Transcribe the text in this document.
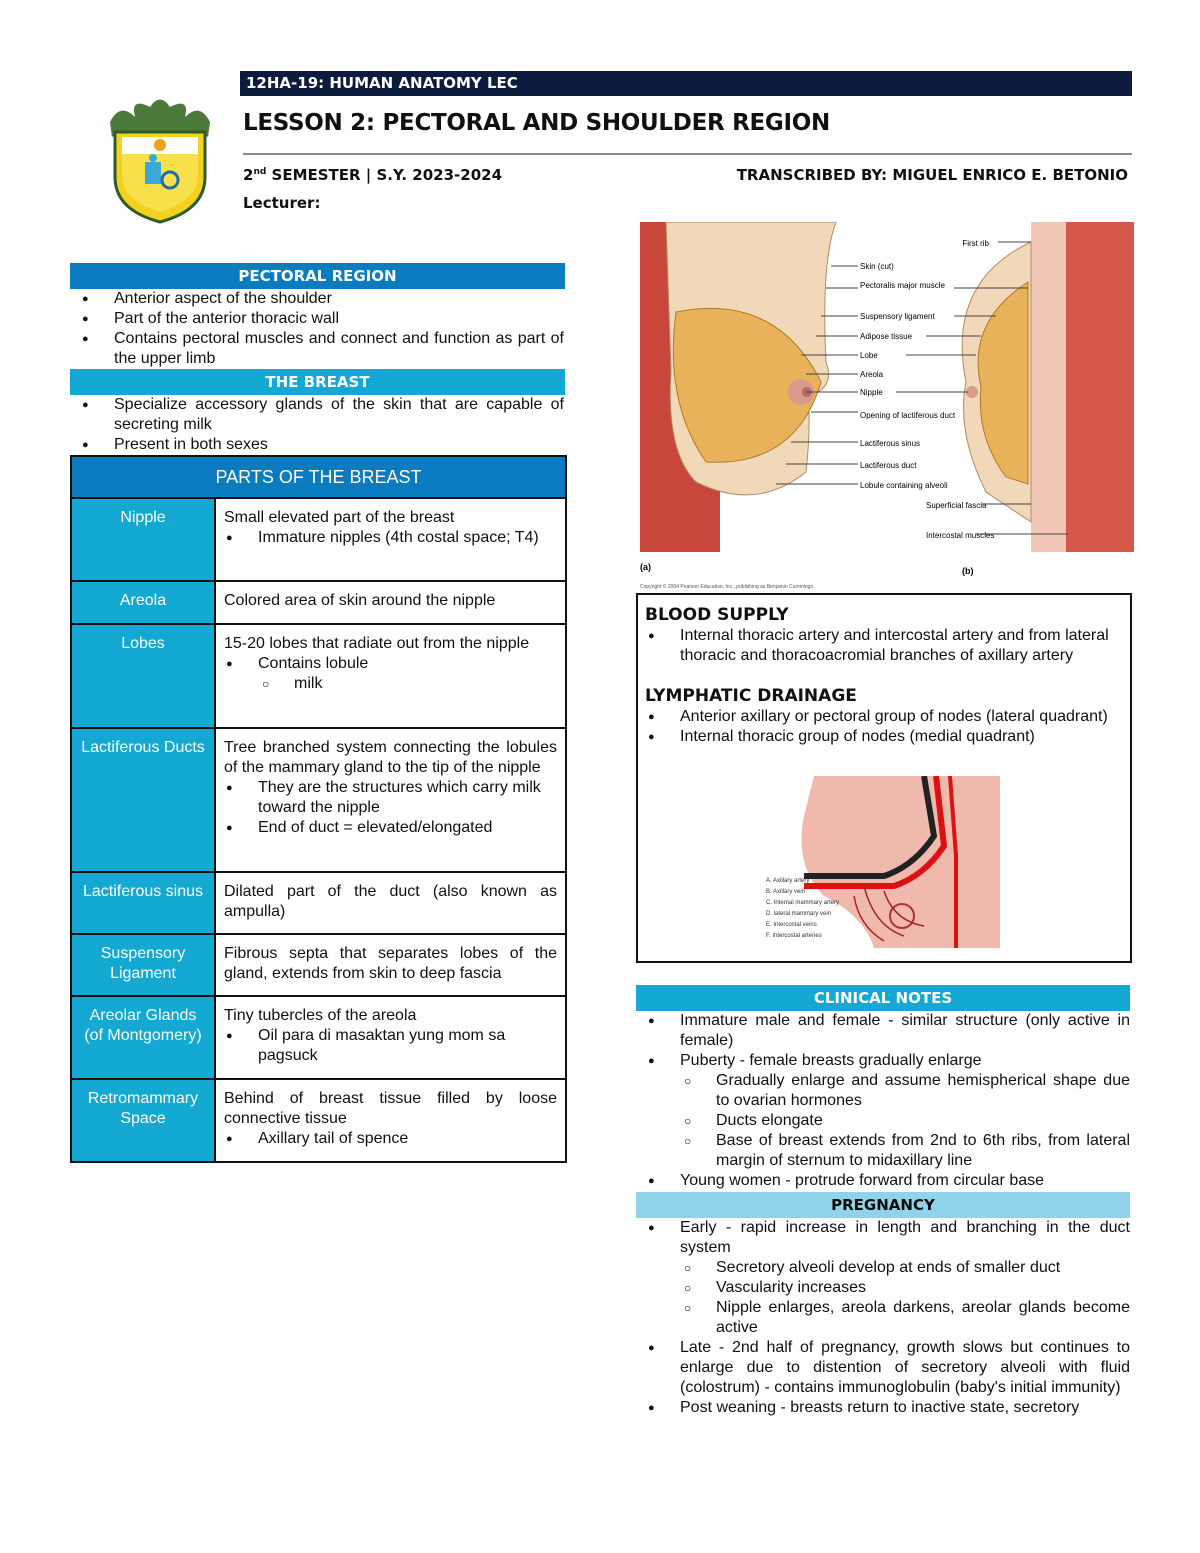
12HA-19: HUMAN ANATOMY LEC
LESSON 2: PECTORAL AND SHOULDER REGION
2nd SEMESTER | S.Y. 2023-2024	TRANSCRIBED BY: MIGUEL ENRICO E. BETONIO
Lecturer:
PECTORAL REGION
● Anterior aspect of the shoulder
● Part of the anterior thoracic wall
● Contains pectoral muscles and connect and function as part of the upper limb
THE BREAST
● Specialize accessory glands of the skin that are capable of secreting milk
● Present in both sexes
PARTS OF THE BREAST	
Nipple	Small elevated part of the breast
● Immature nipples (4th costal space; T4)

Areola	Colored area of skin around the nipple
Lobes	15-20 lobes that radiate out from the nipple
● Contains lobule
○ milk

Lactiferous Ducts	Tree branched system connecting the lobules of the mammary gland to the tip of the nipple
● They are the structures which carry milk toward the nipple
● End of duct = elevated/elongated

Lactiferous sinus	Dilated part of the duct (also known as ampulla)
Suspensory Ligament	Fibrous septa that separates lobes of the gland, extends from skin to deep fascia
Areolar Glands (of Montgomery)	Tiny tubercles of the areola
● Oil para di masaktan yung mom sa pagsuck

Retromammary Space	Behind of breast tissue filled by loose connective tissue
● Axillary tail of spence
First rib
Skin (cut)
Pectoralis major muscle
Suspensory ligament
Adipose tissue
Lobe
Areola
Nipple
Opening of lactiferous duct
Lactiferous sinus
Lactiferous duct
Lobule containing alveoli
Superficial fascia
Intercostal muscles
(a)	(b)
Copyright © 2004 Pearson Education, Inc., publishing as Benjamin Cummings.
BLOOD SUPPLY
● Internal thoracic artery and intercostal artery and from lateral thoracic and thoracoacromial branches of axillary artery
LYMPHATIC DRAINAGE
● Anterior axillary or pectoral group of nodes (lateral quadrant)
● Internal thoracic group of nodes (medial quadrant)
A. Axillary artery
B. Axillary vein
C. Internal mammary artery
D. lateral mammary vein
E. Intercostal veins
F. Intercostal arteries
CLINICAL NOTES
● Immature male and female - similar structure (only active in female)
● Puberty - female breasts gradually enlarge
○ Gradually enlarge and assume hemispherical shape due to ovarian hormones
○ Ducts elongate
○ Base of breast extends from 2nd to 6th ribs, from lateral margin of sternum to midaxillary line
● Young women - protrude forward from circular base
PREGNANCY
● Early - rapid increase in length and branching in the duct system
○ Secretory alveoli develop at ends of smaller duct
○ Vascularity increases
○ Nipple enlarges, areola darkens, areolar glands become active
● Late - 2nd half of pregnancy, growth slows but continues to enlarge due to distention of secretory alveoli with fluid (colostrum) - contains immunoglobulin (baby's initial immunity)
● Post weaning - breasts return to inactive state, secretory
